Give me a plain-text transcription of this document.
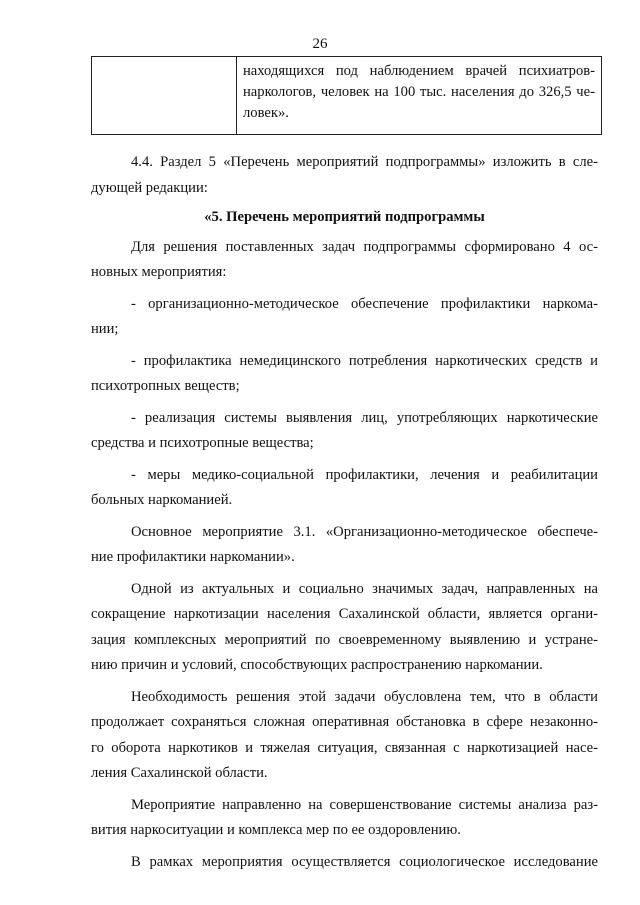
26

находящихся под наблюдением врачей психиатров-
наркологов, человек на 100 тыс. населения до 326,5 че-
ловек».

4.4. Раздел 5 «Перечень мероприятий подпрограммы» изложить в сле-
дующей редакции:

«5. Перечень мероприятий подпрограммы

Для решения поставленных задач подпрограммы сформировано 4 ос-
новных мероприятия:

- организационно-методическое обеспечение профилактики наркома-
нии;

- профилактика немедицинского потребления наркотических средств и
психотропных веществ;

- реализация системы выявления лиц, употребляющих наркотические
средства и психотропные вещества;

- меры медико-социальной профилактики, лечения и реабилитации
больных наркоманией.

Основное мероприятие 3.1. «Организационно-методическое обеспече-
ние профилактики наркомании».

Одной из актуальных и социально значимых задач, направленных на
сокращение наркотизации населения Сахалинской области, является органи-
зация комплексных мероприятий по своевременному выявлению и устране-
нию причин и условий, способствующих распространению наркомании.

Необходимость решения этой задачи обусловлена тем, что в области
продолжает сохраняться сложная оперативная обстановка в сфере незаконно-
го оборота наркотиков и тяжелая ситуация, связанная с наркотизацией насе-
ления Сахалинской области.

Мероприятие направленно на совершенствование системы анализа раз-
вития наркоситуации и комплекса мер по ее оздоровлению.

В рамках мероприятия осуществляется социологическое исследование
